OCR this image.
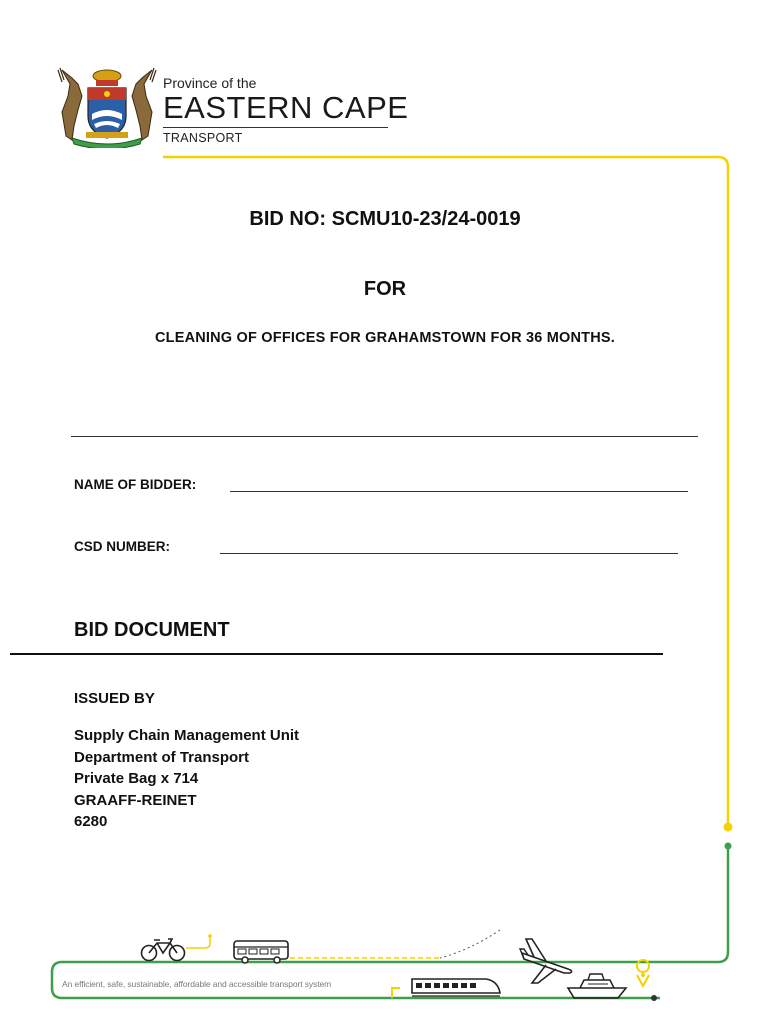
Province of the
EASTERN CAPE
TRANSPORT
BID NO: SCMU10-23/24-0019
FOR
CLEANING OF OFFICES FOR GRAHAMSTOWN FOR 36 MONTHS.
NAME OF BIDDER:
CSD NUMBER:
BID DOCUMENT
ISSUED BY
Supply Chain Management Unit
Department of Transport
Private Bag x 714
GRAAFF-REINET
6280
An efficient, safe, sustainable, affordable and accessible transport system
